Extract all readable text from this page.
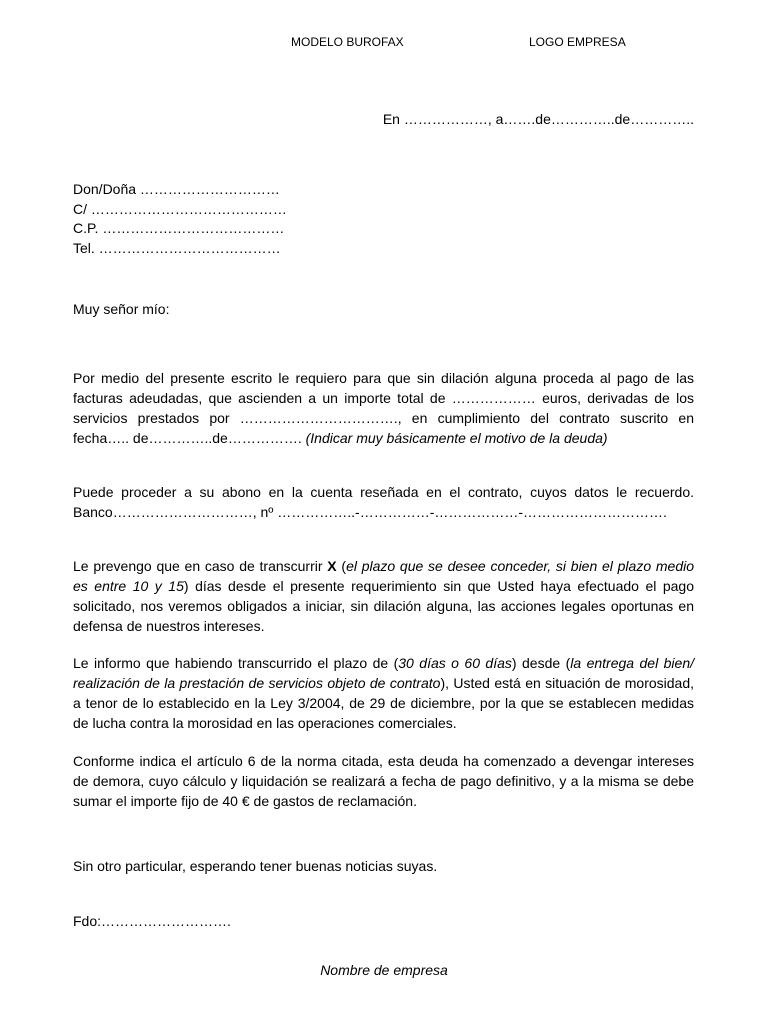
MODELO BUROFAX	LOGO EMPRESA
En ………………, a…….de…………..de…………..
Don/Doña …………………………
C/ ……………………………………
C.P. …………………………………
Tel. …………………………………
Muy señor mío:
Por medio del presente escrito le requiero para que sin dilación alguna proceda al pago de las facturas adeudadas, que ascienden a un importe total de ……………… euros, derivadas de los servicios prestados por ……………………………., en cumplimiento del contrato suscrito en fecha….. de…………..de……………. (Indicar muy básicamente el motivo de la deuda)
Puede proceder a su abono en la cuenta reseñada en el contrato, cuyos datos le recuerdo. Banco…………………………, nº ……………..-……………-………………-………………………….
Le prevengo que en caso de transcurrir X (el plazo que se desee conceder, si bien el plazo medio es entre 10 y 15) días desde el presente requerimiento sin que Usted haya efectuado el pago solicitado, nos veremos obligados a iniciar, sin dilación alguna, las acciones legales oportunas en defensa de nuestros intereses.
Le informo que habiendo transcurrido el plazo de (30 días o 60 días) desde (la entrega del bien/ realización de la prestación de servicios objeto de contrato), Usted está en situación de morosidad, a tenor de lo establecido en la Ley 3/2004, de 29 de diciembre, por la que se establecen medidas de lucha contra la morosidad en las operaciones comerciales.
Conforme indica el artículo 6 de la norma citada, esta deuda ha comenzado a devengar intereses de demora, cuyo cálculo y liquidación se realizará a fecha de pago definitivo, y a la misma se debe sumar el importe fijo de 40 € de gastos de reclamación.
Sin otro particular, esperando tener buenas noticias suyas.
Fdo:……………………….
Nombre de empresa
